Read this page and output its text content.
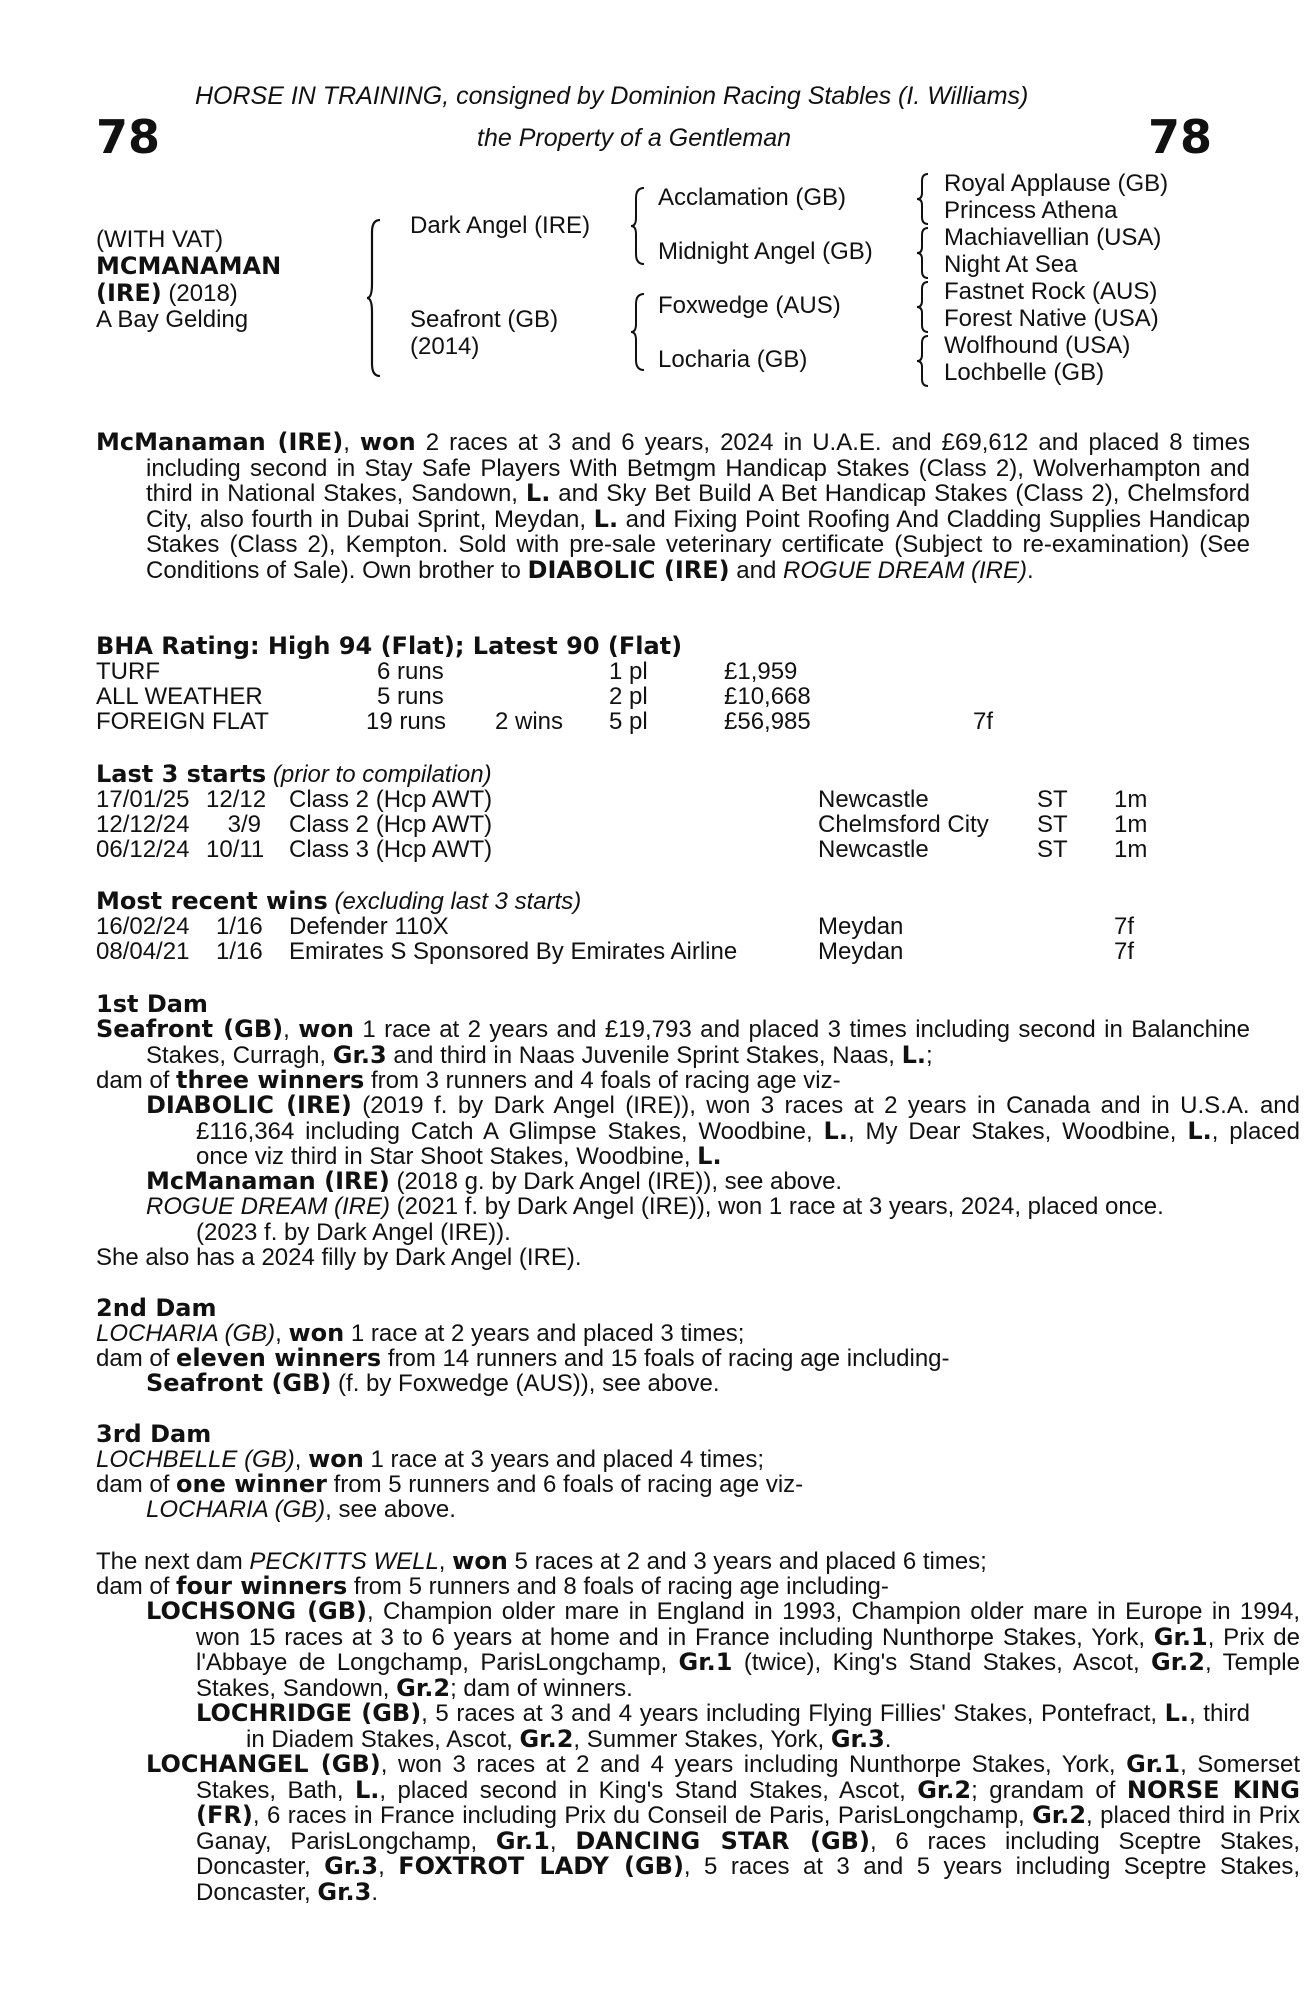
HORSE IN TRAINING, consigned by Dominion Racing Stables (I. Williams)
78	the Property of a Gentleman	78
(WITH VAT)
MCMANAMAN
(IRE) (2018)
A Bay Gelding
Dark Angel (IRE)
Seafront (GB)
(2014)
Acclamation (GB)
Midnight Angel (GB)
Foxwedge (AUS)
Locharia (GB)
Royal Applause (GB)
Princess Athena
Machiavellian (USA)
Night At Sea
Fastnet Rock (AUS)
Forest Native (USA)
Wolfhound (USA)
Lochbelle (GB)
McManaman (IRE), won 2 races at 3 and 6 years, 2024 in U.A.E. and £69,612 and placed 8 times including second in Stay Safe Players With Betmgm Handicap Stakes (Class 2), Wolverhampton and third in National Stakes, Sandown, L. and Sky Bet Build A Bet Handicap Stakes (Class 2), Chelmsford City, also fourth in Dubai Sprint, Meydan, L. and Fixing Point Roofing And Cladding Supplies Handicap Stakes (Class 2), Kempton. Sold with pre-sale veterinary certificate (Subject to re-examination) (See Conditions of Sale). Own brother to DIABOLIC (IRE) and ROGUE DREAM (IRE).
BHA Rating: High 94 (Flat); Latest 90 (Flat)
TURF	6 runs	1 pl	£1,959
ALL WEATHER	5 runs	2 pl	£10,668
FOREIGN FLAT	19 runs 2 wins 5 pl	£56,985	7f
Last 3 starts (prior to compilation)
17/01/25 12/12 Class 2 (Hcp AWT)	Newcastle	ST 1m
12/12/24	3/9 Class 2 (Hcp AWT)	Chelmsford City ST 1m
06/12/24 10/11 Class 3 (Hcp AWT)	Newcastle	ST 1m
Most recent wins (excluding last 3 starts)
16/02/24 1/16 Defender 110X	Meydan	7f
08/04/21 1/16 Emirates S Sponsored By Emirates Airline	Meydan	7f
1st Dam
Seafront (GB), won 1 race at 2 years and £19,793 and placed 3 times including second in Balanchine Stakes, Curragh, Gr.3 and third in Naas Juvenile Sprint Stakes, Naas, L.;
dam of three winners from 3 runners and 4 foals of racing age viz-
DIABOLIC (IRE) (2019 f. by Dark Angel (IRE)), won 3 races at 2 years in Canada and in U.S.A. and £116,364 including Catch A Glimpse Stakes, Woodbine, L., My Dear Stakes, Woodbine, L., placed once viz third in Star Shoot Stakes, Woodbine, L.
McManaman (IRE) (2018 g. by Dark Angel (IRE)), see above.
ROGUE DREAM (IRE) (2021 f. by Dark Angel (IRE)), won 1 race at 3 years, 2024, placed once.
(2023 f. by Dark Angel (IRE)).
She also has a 2024 filly by Dark Angel (IRE).
2nd Dam
LOCHARIA (GB), won 1 race at 2 years and placed 3 times;
dam of eleven winners from 14 runners and 15 foals of racing age including-
Seafront (GB) (f. by Foxwedge (AUS)), see above.
3rd Dam
LOCHBELLE (GB), won 1 race at 3 years and placed 4 times;
dam of one winner from 5 runners and 6 foals of racing age viz-
LOCHARIA (GB), see above.
The next dam PECKITTS WELL, won 5 races at 2 and 3 years and placed 6 times;
dam of four winners from 5 runners and 8 foals of racing age including-
LOCHSONG (GB), Champion older mare in England in 1993, Champion older mare in Europe in 1994, won 15 races at 3 to 6 years at home and in France including Nunthorpe Stakes, York, Gr.1, Prix de l'Abbaye de Longchamp, ParisLongchamp, Gr.1 (twice), King's Stand Stakes, Ascot, Gr.2, Temple Stakes, Sandown, Gr.2; dam of winners.
LOCHRIDGE (GB), 5 races at 3 and 4 years including Flying Fillies' Stakes, Pontefract, L., third in Diadem Stakes, Ascot, Gr.2, Summer Stakes, York, Gr.3.
LOCHANGEL (GB), won 3 races at 2 and 4 years including Nunthorpe Stakes, York, Gr.1, Somerset Stakes, Bath, L., placed second in King's Stand Stakes, Ascot, Gr.2; grandam of NORSE KING (FR), 6 races in France including Prix du Conseil de Paris, ParisLongchamp, Gr.2, placed third in Prix Ganay, ParisLongchamp, Gr.1, DANCING STAR (GB), 6 races including Sceptre Stakes, Doncaster, Gr.3, FOXTROT LADY (GB), 5 races at 3 and 5 years including Sceptre Stakes, Doncaster, Gr.3.
